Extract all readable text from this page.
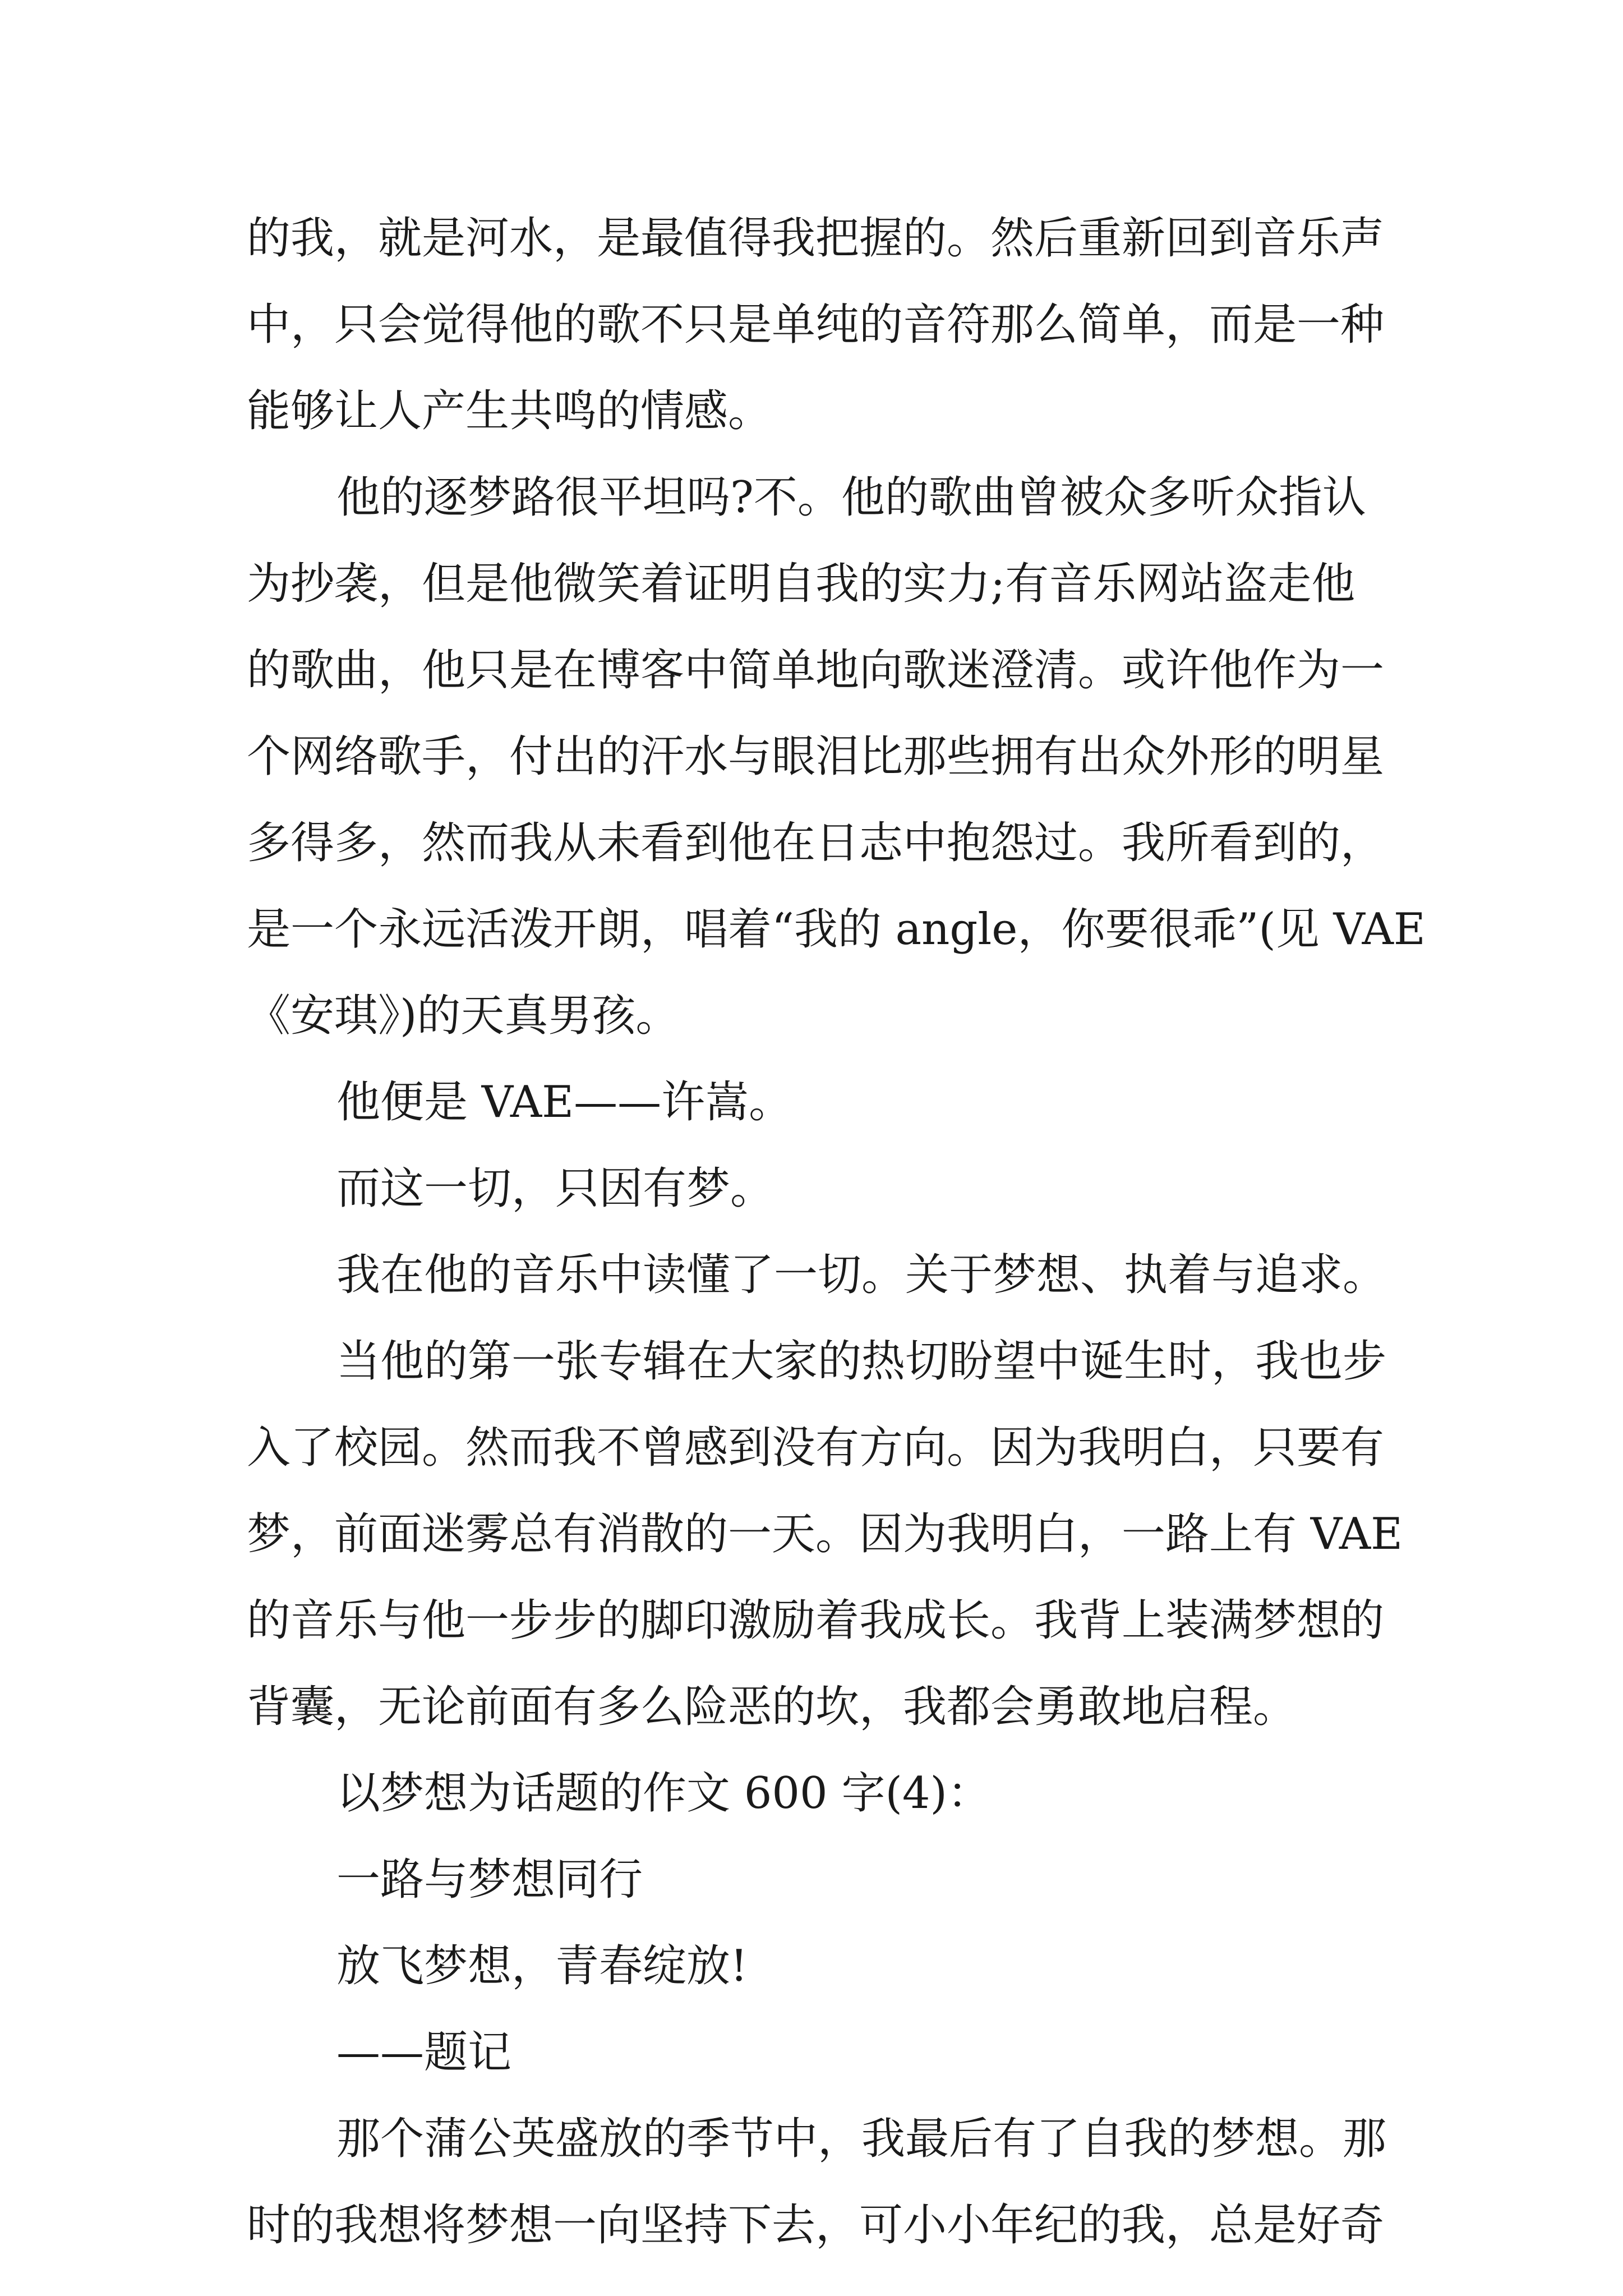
的我，就是河水，是最值得我把握的。然后重新回到音乐声
中，只会觉得他的歌不只是单纯的音符那么简单，而是一种
能够让人产生共鸣的情感。
他的逐梦路很平坦吗?不。他的歌曲曾被众多听众指认
为抄袭，但是他微笑着证明自我的实力;有音乐网站盗走他
的歌曲，他只是在博客中简单地向歌迷澄清。或许他作为一
个网络歌手，付出的汗水与眼泪比那些拥有出众外形的明星
多得多，然而我从未看到他在日志中抱怨过。我所看到的，
是一个永远活泼开朗，唱着“我的 angle，你要很乖”(见 VAE
《安琪》)的天真男孩。
他便是 VAE——许嵩。
而这一切，只因有梦。
我在他的音乐中读懂了一切。关于梦想、执着与追求。
当他的第一张专辑在大家的热切盼望中诞生时，我也步
入了校园。然而我不曾感到没有方向。因为我明白，只要有
梦，前面迷雾总有消散的一天。因为我明白，一路上有 VAE
的音乐与他一步步的脚印激励着我成长。我背上装满梦想的
背囊，无论前面有多么险恶的坎，我都会勇敢地启程。
以梦想为话题的作文 600 字(4)：
一路与梦想同行
放飞梦想，青春绽放!
——题记
那个蒲公英盛放的季节中，我最后有了自我的梦想。那
时的我想将梦想一向坚持下去，可小小年纪的我，总是好奇
